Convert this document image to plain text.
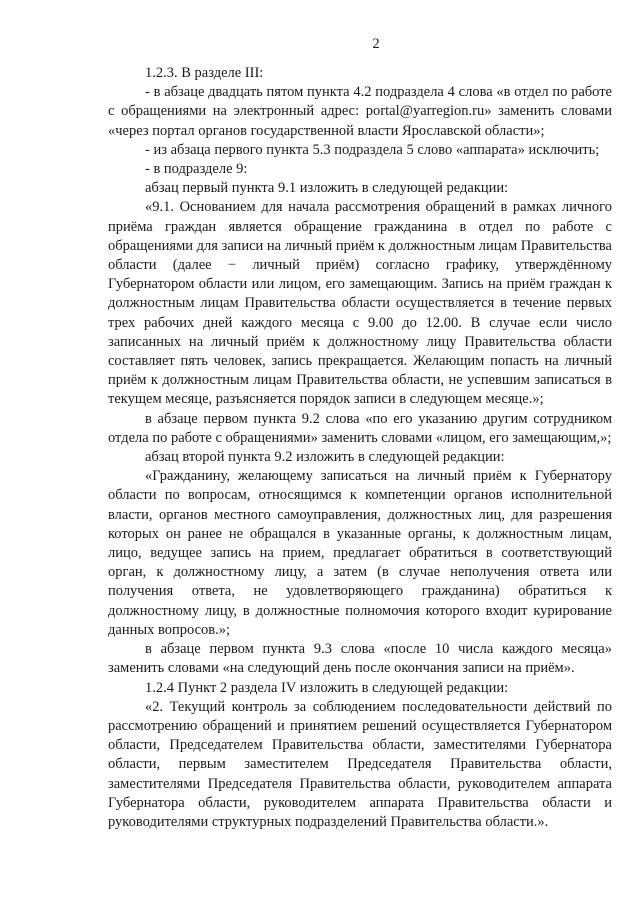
2

1.2.3. В разделе III:

- в абзаце двадцать пятом пункта 4.2 подраздела 4 слова «в отдел по работе с обращениями на электронный адрес: portal@yarregion.ru» заменить словами «через портал органов государственной власти Ярославской области»;

- из абзаца первого пункта 5.3 подраздела 5 слово «аппарата» исключить;

- в подразделе 9:

абзац первый пункта 9.1 изложить в следующей редакции:

«9.1. Основанием для начала рассмотрения обращений в рамках личного приёма граждан является обращение гражданина в отдел по работе с обращениями для записи на личный приём к должностным лицам Правительства области (далее − личный приём) согласно графику, утверждённому Губернатором области или лицом, его замещающим. Запись на приём граждан к должностным лицам Правительства области осуществляется в течение первых трех рабочих дней каждого месяца с 9.00 до 12.00. В случае если число записанных на личный приём к должностному лицу Правительства области составляет пять человек, запись прекращается. Желающим попасть на личный приём к должностным лицам Правительства области, не успевшим записаться в текущем месяце, разъясняется порядок записи в следующем месяце.»;

в абзаце первом пункта 9.2 слова «по его указанию другим сотрудником отдела по работе с обращениями» заменить словами «лицом, его замещающим,»;

абзац второй пункта 9.2 изложить в следующей редакции:

«Гражданину, желающему записаться на личный приём к Губернатору области по вопросам, относящимся к компетенции органов исполнительной власти, органов местного самоуправления, должностных лиц, для разрешения которых он ранее не обращался в указанные органы, к должностным лицам, лицо, ведущее запись на прием, предлагает обратиться в соответствующий орган, к должностному лицу, а затем (в случае неполучения ответа или получения ответа, не удовлетворяющего гражданина) обратиться к должностному лицу, в должностные полномочия которого входит курирование данных вопросов.»;

в абзаце первом пункта 9.3 слова «после 10 числа каждого месяца» заменить словами «на следующий день после окончания записи на приём».

1.2.4 Пункт 2 раздела IV изложить в следующей редакции:

«2. Текущий контроль за соблюдением последовательности действий по рассмотрению обращений и принятием решений осуществляется Губернатором области, Председателем Правительства области, заместителями Губернатора области, первым заместителем Председателя Правительства области, заместителями Председателя Правительства области, руководителем аппарата Губернатора области, руководителем аппарата Правительства области и руководителями структурных подразделений Правительства области.».
